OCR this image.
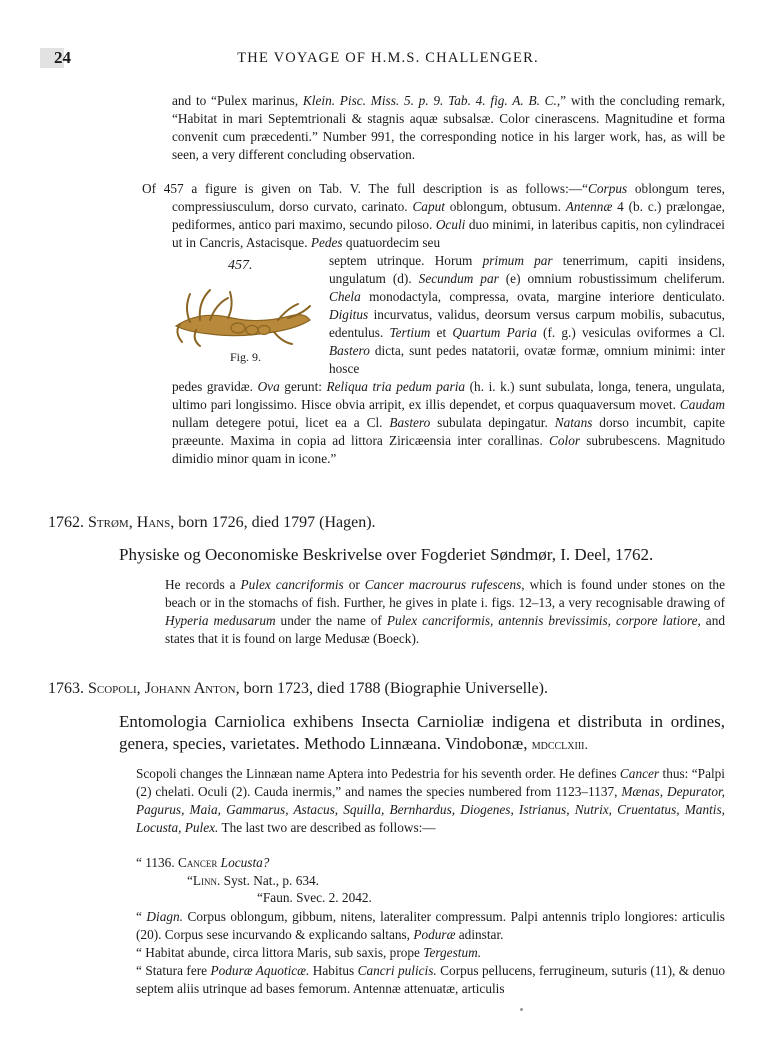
24	THE VOYAGE OF H.M.S. CHALLENGER.
and to “Pulex marinus, Klein. Pisc. Miss. 5. p. 9. Tab. 4. fig. A. B. C.,” with the concluding remark, “Habitat in mari Septemtrionali & stagnis aquæ subsalsæ. Color cinerascens. Magnitudine et forma convenit cum præcedenti.” Number 991, the corresponding notice in his larger work, has, as will be seen, a very different concluding observation.
Of 457 a figure is given on Tab. V. The full description is as follows:—“Corpus oblongum teres, compressiusculum, dorso curvato, carinato. Caput oblongum, obtusum. Antennæ 4 (b. c.) prælongae, pediformes, antico pari maximo, secundo piloso. Oculi duo minimi, in lateribus capitis, non cylindracei ut in Cancris, Astacisque. Pedes quatuordecim seu
457.
Fig. 9.
septem utrinque. Horum primum par tenerrimum, capiti insidens, ungulatum (d). Secundum par (e) omnium robustissimum cheliferum. Chela monodactyla, compressa, ovata, margine interiore denticulato. Digitus incurvatus, validus, deorsum versus carpum mobilis, subacutus, edentulus. Tertium et Quartum Paria (f. g.) vesiculas oviformes a Cl. Bastero dicta, sunt pedes natatorii, ovatæ formæ, omnium minimi: inter hosce
pedes gravidæ. Ova gerunt: Reliqua tria pedum paria (h. i. k.) sunt subulata, longa, tenera, ungulata, ultimo pari longissimo. Hisce obvia arripit, ex illis dependet, et corpus quaquaversum movet. Caudam nullam detegere potui, licet ea a Cl. Bastero subulata depingatur. Natans dorso incumbit, capite præeunte. Maxima in copia ad littora Ziricæensia inter corallinas. Color subrubescens. Magnitudo dimidio minor quam in icone.”
1762. Strøm, Hans, born 1726, died 1797 (Hagen).
Physiske og Oeconomiske Beskrivelse over Fogderiet Søndmør, I. Deel, 1762.
He records a Pulex cancriformis or Cancer macrourus rufescens, which is found under stones on the beach or in the stomachs of fish. Further, he gives in plate i. figs. 12–13, a very recognisable drawing of Hyperia medusarum under the name of Pulex cancriformis, antennis brevissimis, corpore latiore, and states that it is found on large Medusæ (Boeck).
1763. Scopoli, Johann Anton, born 1723, died 1788 (Biographie Universelle).
Entomologia Carniolica exhibens Insecta Carnioliæ indigena et distributa in ordines, genera, species, varietates. Methodo Linnæana. Vindobonæ, mdcclxiii.
Scopoli changes the Linnæan name Aptera into Pedestria for his seventh order. He defines Cancer thus: “Palpi (2) chelati. Oculi (2). Cauda inermis,” and names the species numbered from 1123–1137, Mænas, Depurator, Pagurus, Maia, Gammarus, Astacus, Squilla, Bernhardus, Diogenes, Istrianus, Nutrix, Cruentatus, Mantis, Locusta, Pulex. The last two are described as follows:—
“ 1136. Cancer Locusta?
“Linn. Syst. Nat., p. 634.
“Faun. Svec. 2. 2042.
“ Diagn. Corpus oblongum, gibbum, nitens, lateraliter compressum. Palpi antennis triplo longiores: articulis (20). Corpus sese incurvando & explicando saltans, Poduræ adinstar.
“ Habitat abunde, circa littora Maris, sub saxis, prope Tergestum.
“ Statura fere Poduræ Aquoticæ. Habitus Cancri pulicis. Corpus pellucens, ferrugineum, suturis (11), & denuo septem aliis utrinque ad bases femorum. Antennæ attenuatæ, articulis
